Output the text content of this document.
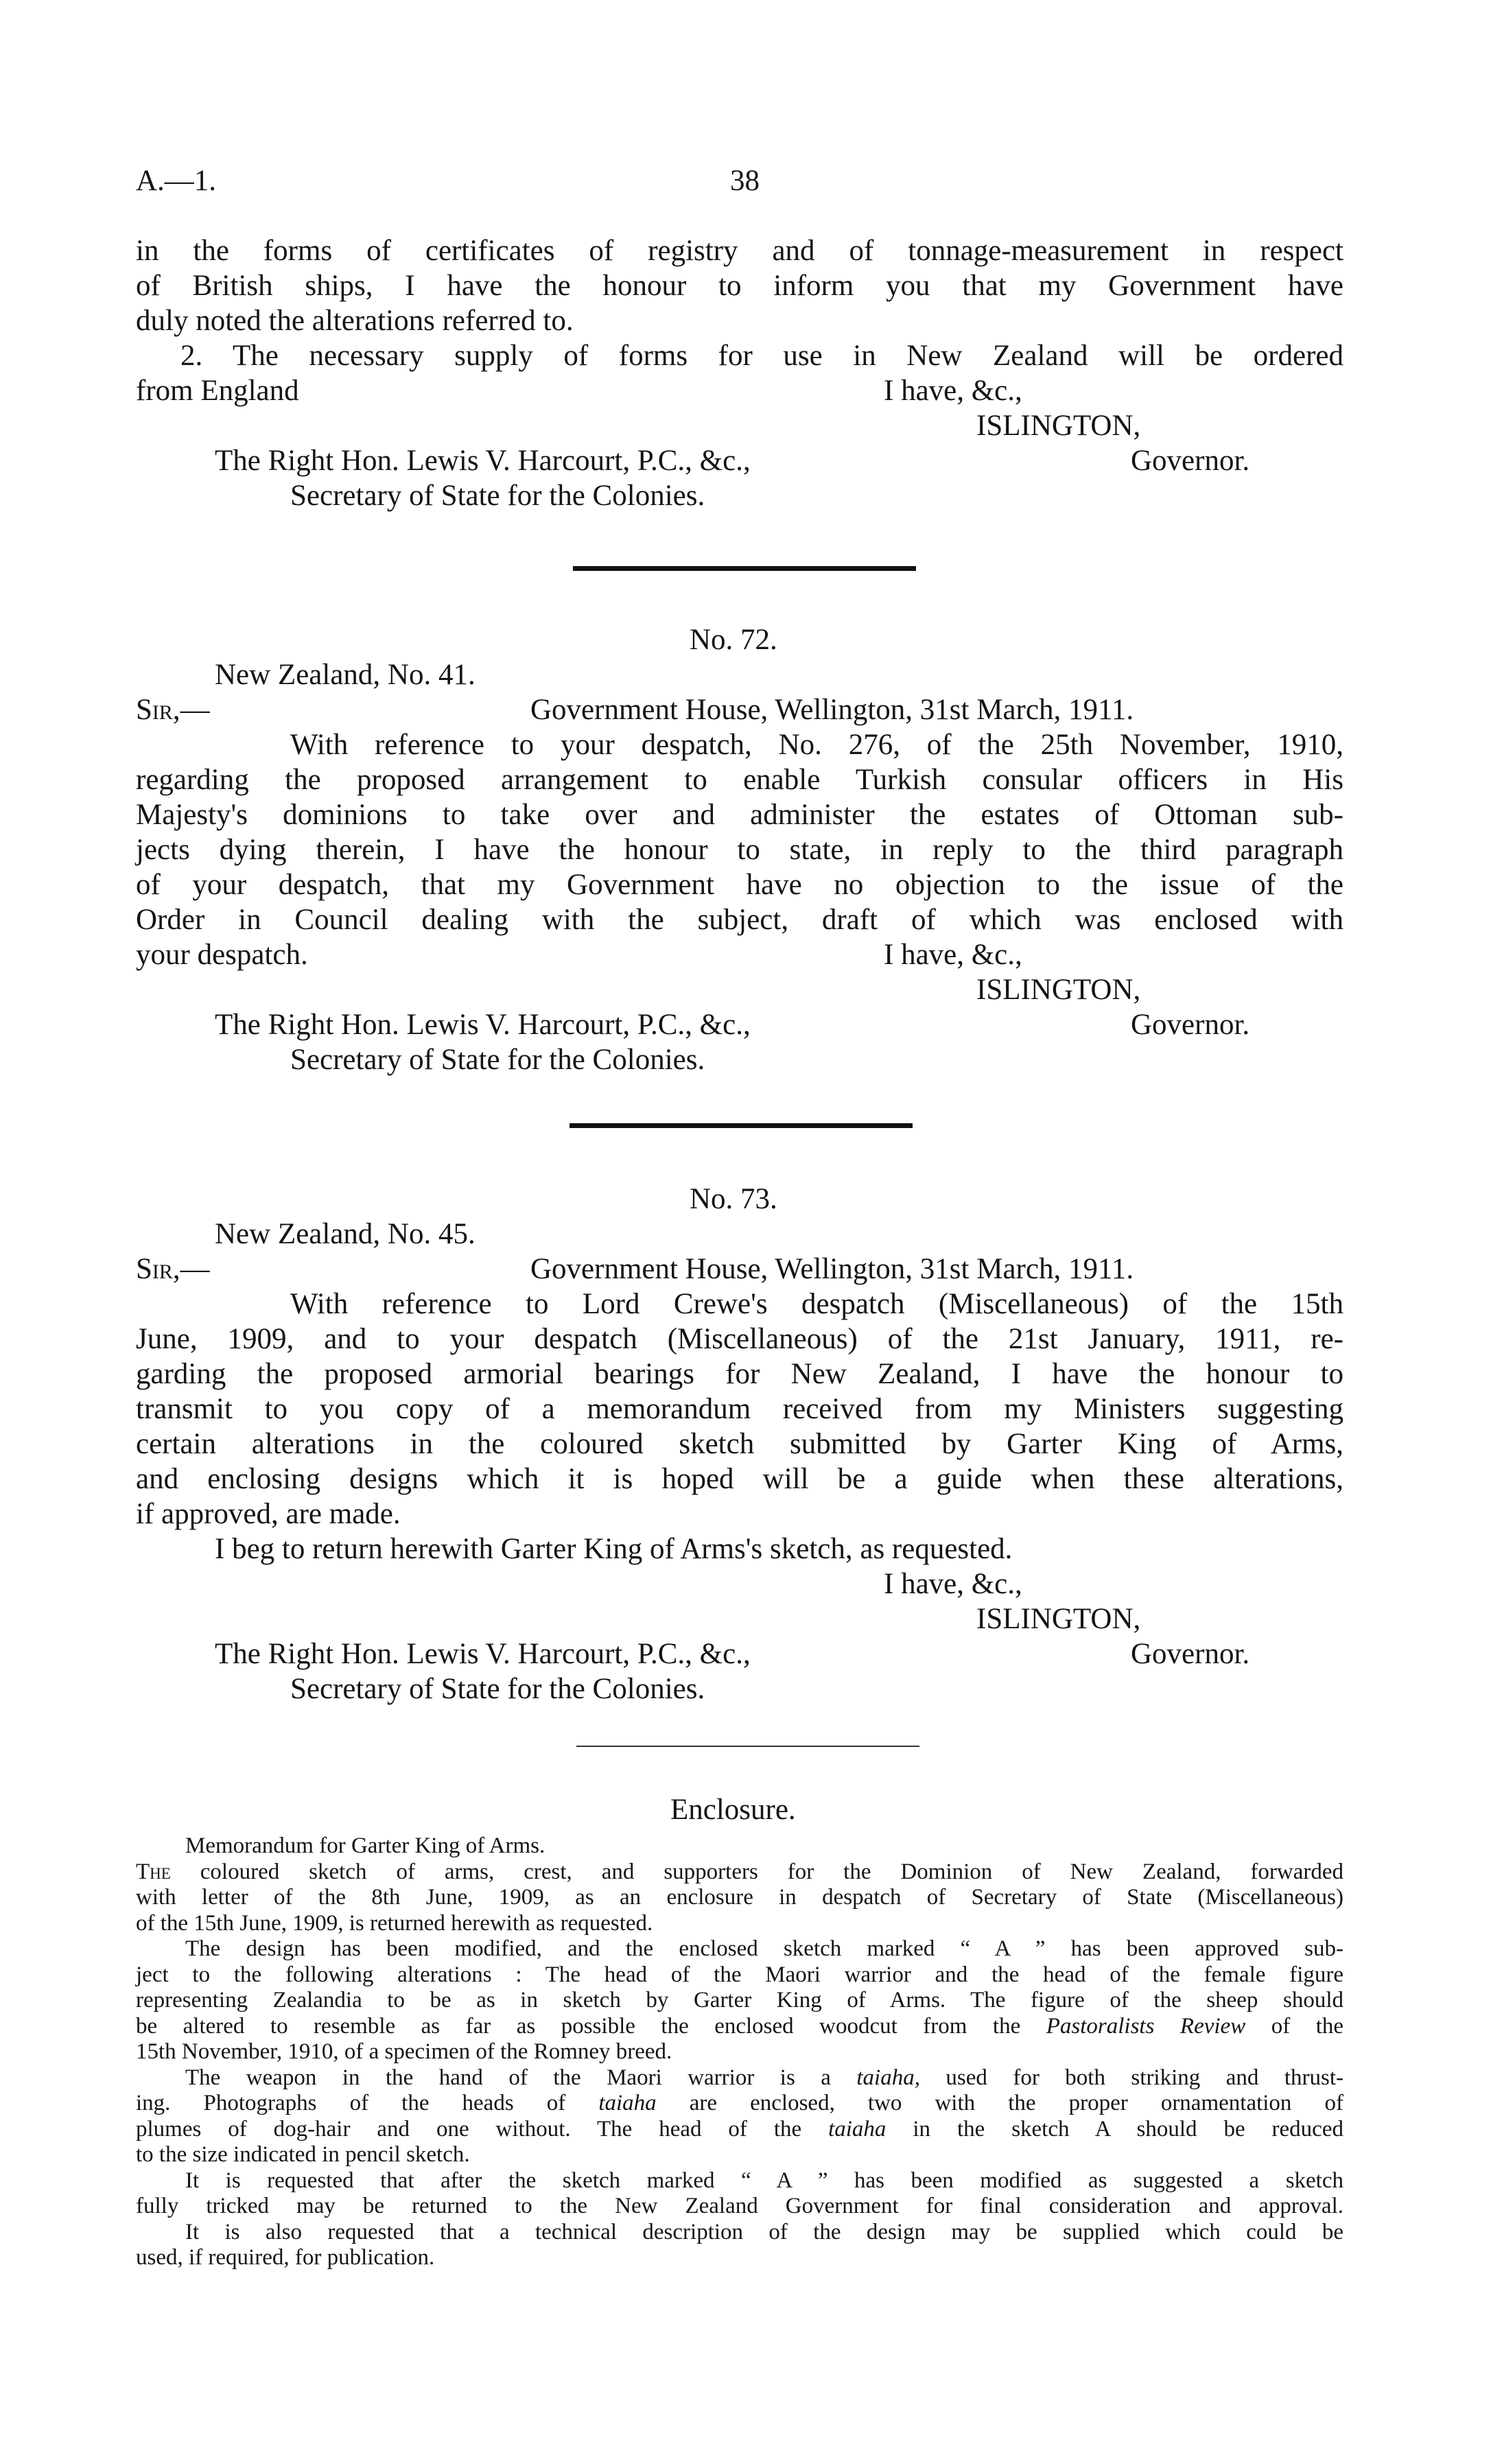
A.—1.	38
in the forms of certificates of registry and of tonnage-measurement in respect
of British ships, I have the honour to inform you that my Government have
duly noted the alterations referred to.
2. The necessary supply of forms for use in New Zealand will be ordered
from England	I have, &c.,
ISLINGTON,
The Right Hon. Lewis V. Harcourt, P.C., &c.,	Governor.
Secretary of State for the Colonies.
No. 72.
New Zealand, No. 41.
Sir,—	Government House, Wellington, 31st March, 1911.
With reference to your despatch, No. 276, of the 25th November, 1910,
regarding the proposed arrangement to enable Turkish consular officers in His
Majesty's dominions to take over and administer the estates of Ottoman sub-
jects dying therein, I have the honour to state, in reply to the third paragraph
of your despatch, that my Government have no objection to the issue of the
Order in Council dealing with the subject, draft of which was enclosed with
your despatch.	I have, &c.,
ISLINGTON,
The Right Hon. Lewis V. Harcourt, P.C., &c.,	Governor.
Secretary of State for the Colonies.
No. 73.
New Zealand, No. 45.
Sir,—	Government House, Wellington, 31st March, 1911.
With reference to Lord Crewe's despatch (Miscellaneous) of the 15th
June, 1909, and to your despatch (Miscellaneous) of the 21st January, 1911, re-
garding the proposed armorial bearings for New Zealand, I have the honour to
transmit to you copy of a memorandum received from my Ministers suggesting
certain alterations in the coloured sketch submitted by Garter King of Arms,
and enclosing designs which it is hoped will be a guide when these alterations,
if approved, are made.
I beg to return herewith Garter King of Arms's sketch, as requested.
I have, &c.,
ISLINGTON,
The Right Hon. Lewis V. Harcourt, P.C., &c.,	Governor.
Secretary of State for the Colonies.
Enclosure.
Memorandum for Garter King of Arms.
The coloured sketch of arms, crest, and supporters for the Dominion of New Zealand, forwarded
with letter of the 8th June, 1909, as an enclosure in despatch of Secretary of State (Miscellaneous)
of the 15th June, 1909, is returned herewith as requested.
The design has been modified, and the enclosed sketch marked “ A ” has been approved sub-
ject to the following alterations : The head of the Maori warrior and the head of the female figure
representing Zealandia to be as in sketch by Garter King of Arms. The figure of the sheep should
be altered to resemble as far as possible the enclosed woodcut from the Pastoralists Review of the
15th November, 1910, of a specimen of the Romney breed.
The weapon in the hand of the Maori warrior is a taiaha, used for both striking and thrust-
ing. Photographs of the heads of taiaha are enclosed, two with the proper ornamentation of
plumes of dog-hair and one without. The head of the taiaha in the sketch A should be reduced
to the size indicated in pencil sketch.
It is requested that after the sketch marked “ A ” has been modified as suggested a sketch
fully tricked may be returned to the New Zealand Government for final consideration and approval.
It is also requested that a technical description of the design may be supplied which could be
used, if required, for publication.
